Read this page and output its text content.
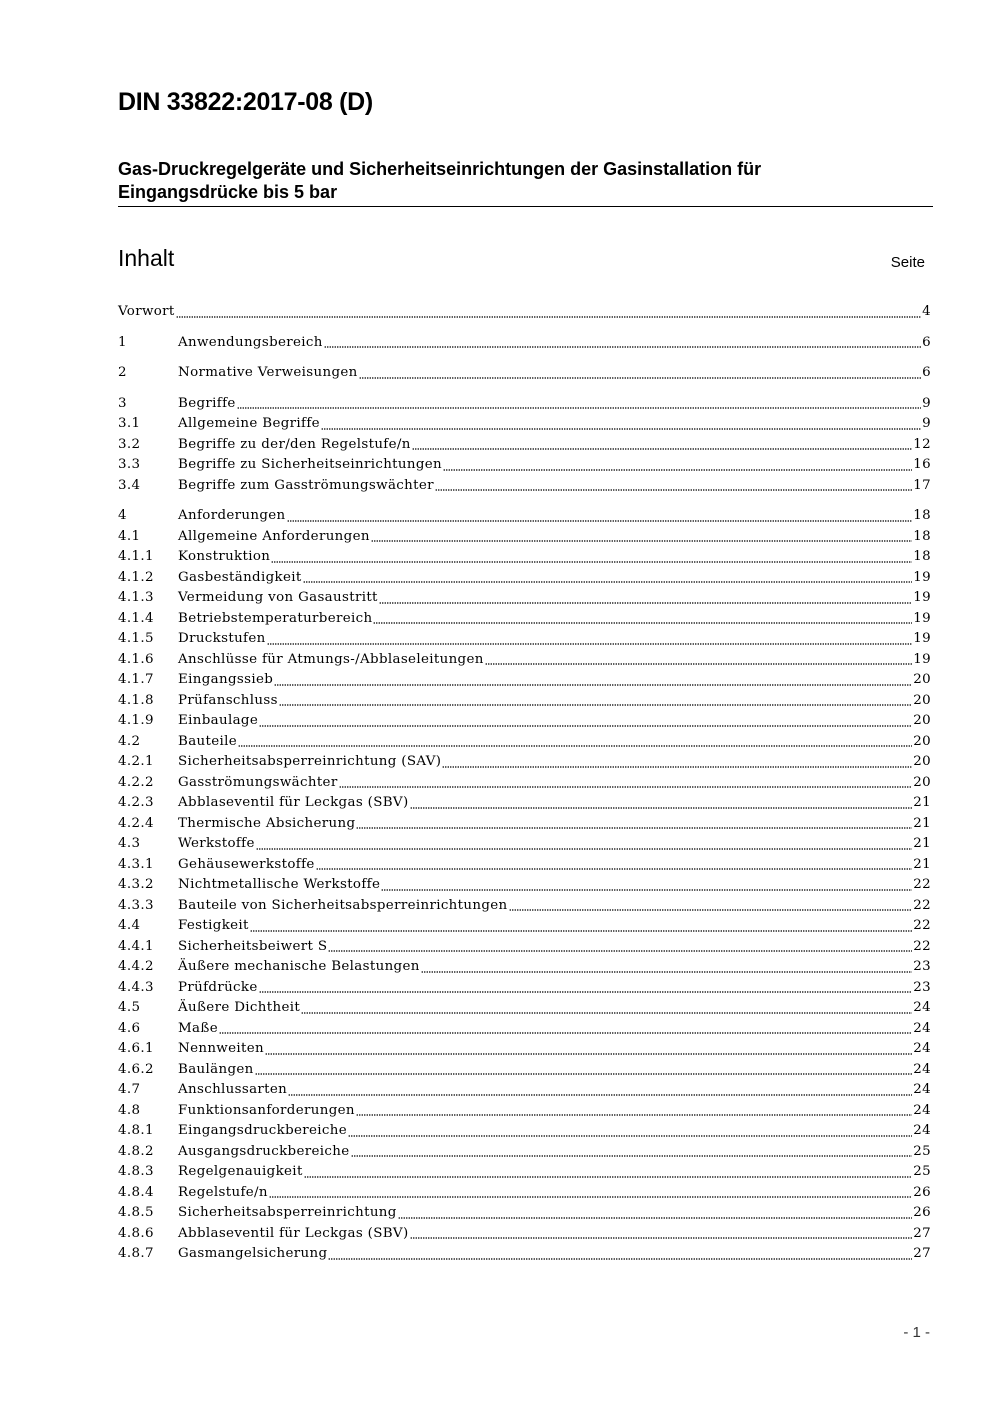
DIN 33822:2017-08 (D)
Gas-Druckregelgeräte und Sicherheitseinrichtungen der Gasinstallation für Eingangsdrücke bis 5 bar
Inhalt	Seite
Vorwort	4
1	Anwendungsbereich	6
2	Normative Verweisungen	6
3	Begriffe	9
3.1	Allgemeine Begriffe	9
3.2	Begriffe zu der/den Regelstufe/n	12
3.3	Begriffe zu Sicherheitseinrichtungen	16
3.4	Begriffe zum Gasströmungswächter	17
4	Anforderungen	18
4.1	Allgemeine Anforderungen	18
4.1.1	Konstruktion	18
4.1.2	Gasbeständigkeit	19
4.1.3	Vermeidung von Gasaustritt	19
4.1.4	Betriebstemperaturbereich	19
4.1.5	Druckstufen	19
4.1.6	Anschlüsse für Atmungs-/Abblaseleitungen	19
4.1.7	Eingangssieb	20
4.1.8	Prüfanschluss	20
4.1.9	Einbaulage	20
4.2	Bauteile	20
4.2.1	Sicherheitsabsperreinrichtung (SAV)	20
4.2.2	Gasströmungswächter	20
4.2.3	Abblaseventil für Leckgas (SBV)	21
4.2.4	Thermische Absicherung	21
4.3	Werkstoffe	21
4.3.1	Gehäusewerkstoffe	21
4.3.2	Nichtmetallische Werkstoffe	22
4.3.3	Bauteile von Sicherheitsabsperreinrichtungen	22
4.4	Festigkeit	22
4.4.1	Sicherheitsbeiwert S	22
4.4.2	Äußere mechanische Belastungen	23
4.4.3	Prüfdrücke	23
4.5	Äußere Dichtheit	24
4.6	Maße	24
4.6.1	Nennweiten	24
4.6.2	Baulängen	24
4.7	Anschlussarten	24
4.8	Funktionsanforderungen	24
4.8.1	Eingangsdruckbereiche	24
4.8.2	Ausgangsdruckbereiche	25
4.8.3	Regelgenauigkeit	25
4.8.4	Regelstufe/n	26
4.8.5	Sicherheitsabsperreinrichtung	26
4.8.6	Abblaseventil für Leckgas (SBV)	27
4.8.7	Gasmangelsicherung	27
- 1 -
